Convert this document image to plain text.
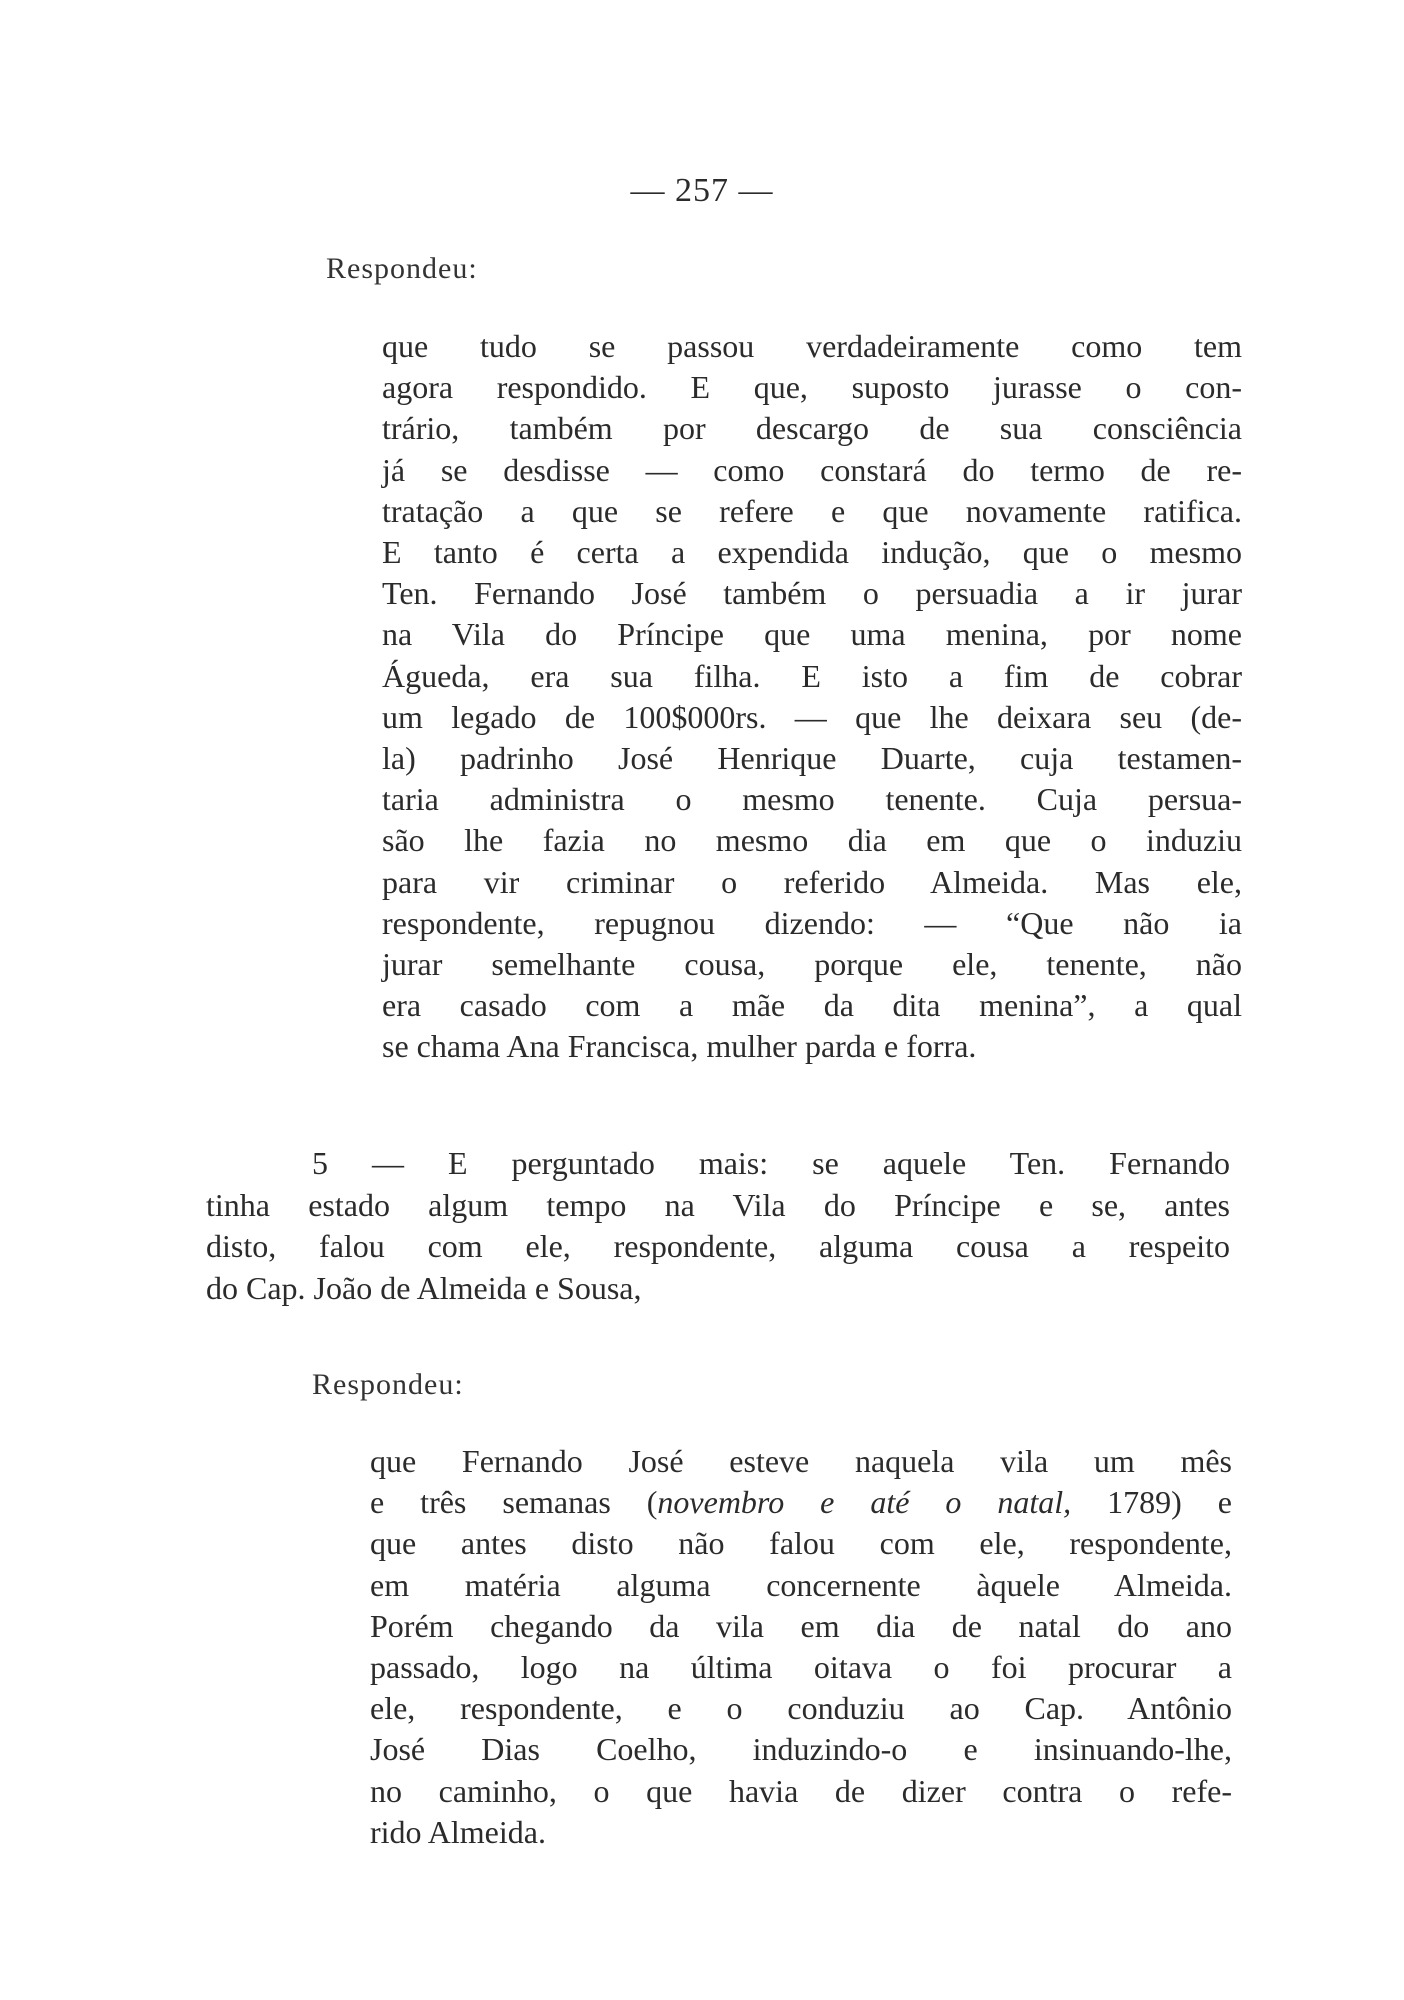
— 257 —
Respondeu:
que tudo se passou verdadeiramente como tem
agora respondido. E que, suposto jurasse o con-
trário, também por descargo de sua consciência
já se desdisse — como constará do termo de re-
tratação a que se refere e que novamente ratifica.
E tanto é certa a expendida indução, que o mesmo
Ten. Fernando José também o persuadia a ir jurar
na Vila do Príncipe que uma menina, por nome
Águeda, era sua filha. E isto a fim de cobrar
um legado de 100$000rs. — que lhe deixara seu (de-
la) padrinho José Henrique Duarte, cuja testamen-
taria administra o mesmo tenente. Cuja persua-
são lhe fazia no mesmo dia em que o induziu
para vir criminar o referido Almeida. Mas ele,
respondente, repugnou dizendo: — “Que não ia
jurar semelhante cousa, porque ele, tenente, não
era casado com a mãe da dita menina”, a qual
se chama Ana Francisca, mulher parda e forra.
5 — E perguntado mais: se aquele Ten. Fernando
tinha estado algum tempo na Vila do Príncipe e se, antes
disto, falou com ele, respondente, alguma cousa a respeito
do Cap. João de Almeida e Sousa,
Respondeu:
que Fernando José esteve naquela vila um mês
e três semanas (novembro e até o natal, 1789) e
que antes disto não falou com ele, respondente,
em matéria alguma concernente àquele Almeida.
Porém chegando da vila em dia de natal do ano
passado, logo na última oitava o foi procurar a
ele, respondente, e o conduziu ao Cap. Antônio
José Dias Coelho, induzindo-o e insinuando-lhe,
no caminho, o que havia de dizer contra o refe-
rido Almeida.
